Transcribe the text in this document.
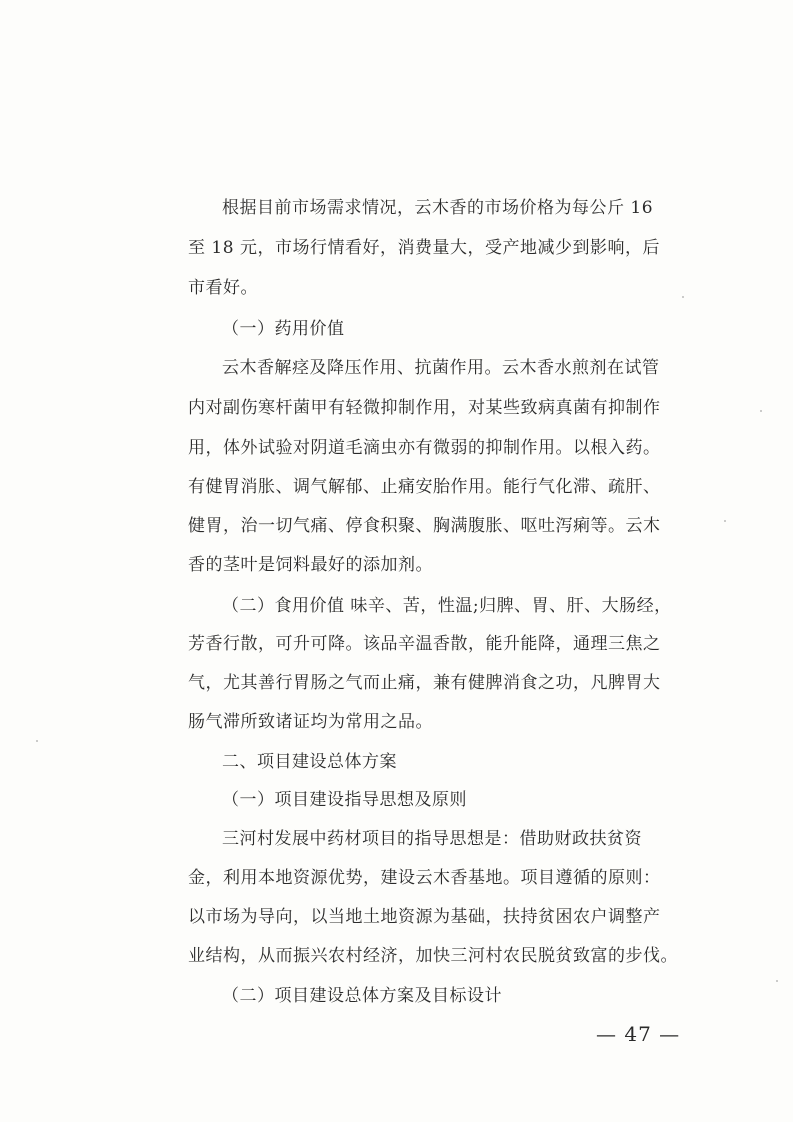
根据目前市场需求情况，云木香的市场价格为每公斤 16
至 18 元，市场行情看好，消费量大，受产地减少到影响，后
市看好。
（一）药用价值
云木香解痉及降压作用、抗菌作用。云木香水煎剂在试管
内对副伤寒杆菌甲有轻微抑制作用，对某些致病真菌有抑制作
用，体外试验对阴道毛滴虫亦有微弱的抑制作用。以根入药。
有健胃消胀、调气解郁、止痛安胎作用。能行气化滞、疏肝、
健胃，治一切气痛、停食积聚、胸满腹胀、呕吐泻痢等。云木
香的茎叶是饲料最好的添加剂。
（二）食用价值 味辛、苦，性温;归脾、胃、肝、大肠经，
芳香行散，可升可降。该品辛温香散，能升能降，通理三焦之
气，尤其善行胃肠之气而止痛，兼有健脾消食之功，凡脾胃大
肠气滞所致诸证均为常用之品。
二、项目建设总体方案
（一）项目建设指导思想及原则
三河村发展中药材项目的指导思想是：借助财政扶贫资
金，利用本地资源优势，建设云木香基地。项目遵循的原则：
以市场为导向，以当地土地资源为基础，扶持贫困农户调整产
业结构，从而振兴农村经济，加快三河村农民脱贫致富的步伐。
（二）项目建设总体方案及目标设计
— 47 —
